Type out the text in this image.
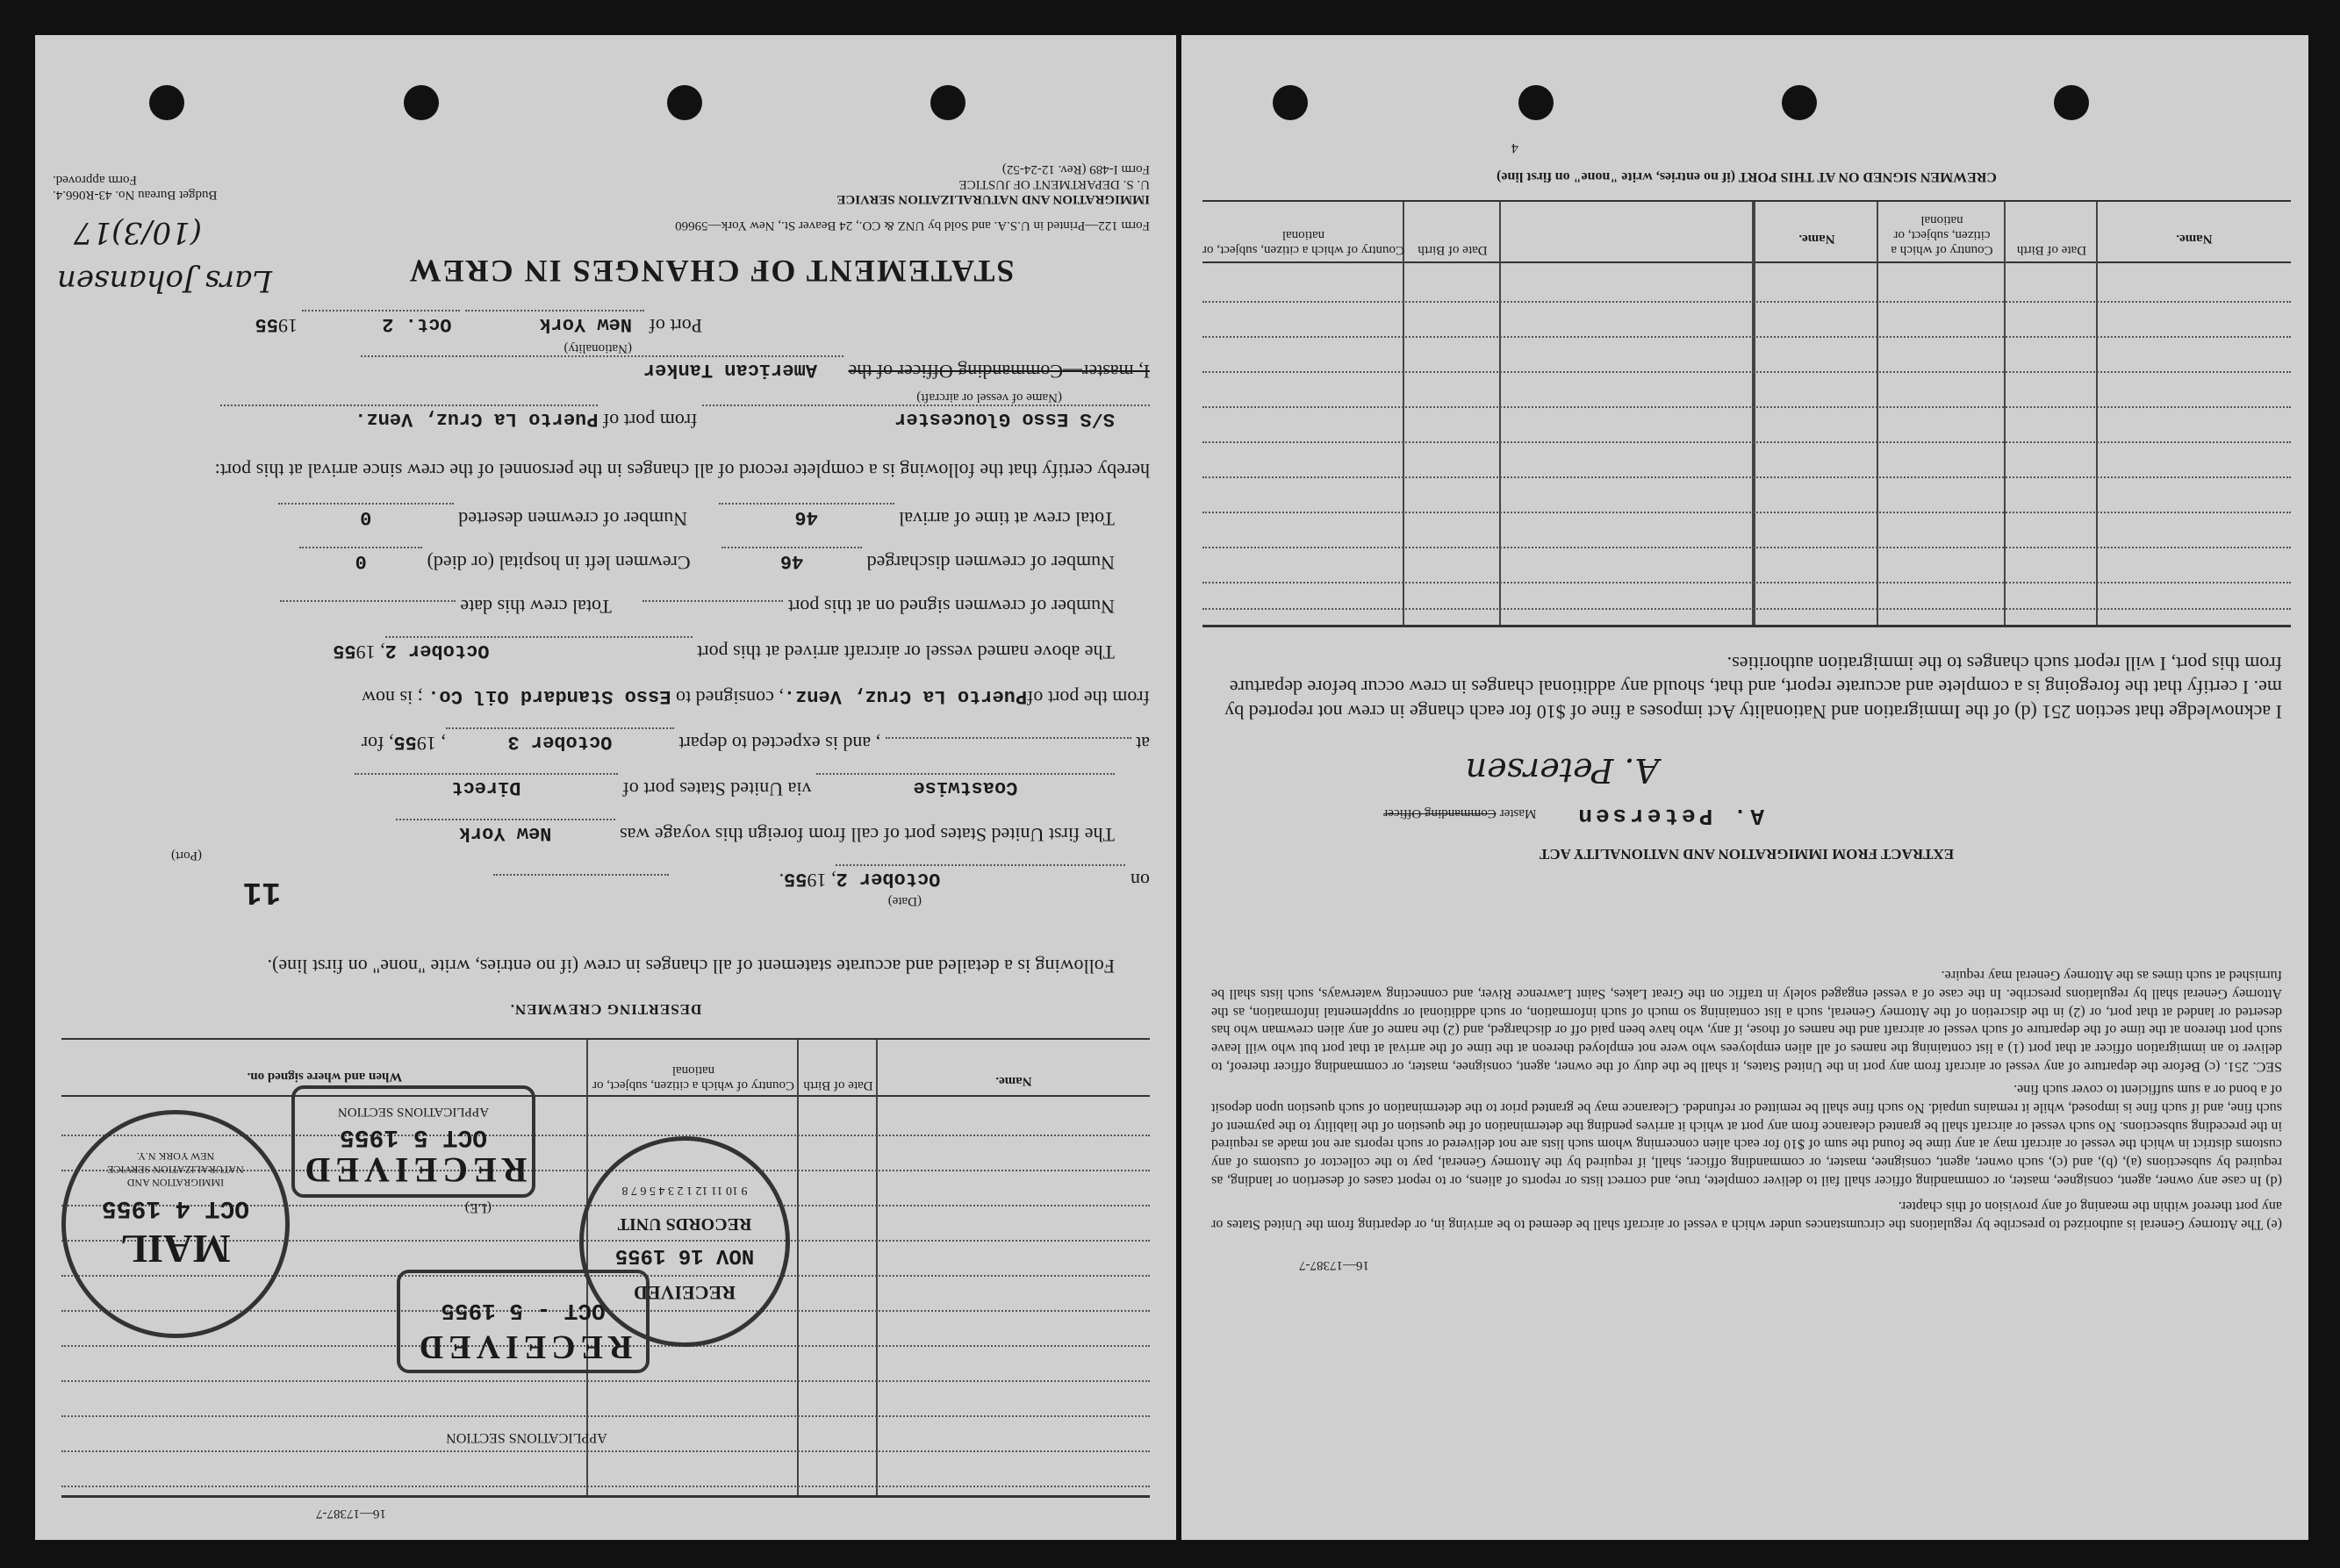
IMMIGRATION AND NATURALIZATION SERVICE
U. S. DEPARTMENT OF JUSTICE
Form I-489 (Rev. 12-24-52)
Form 122—Printed in U.S.A. and Sold by UNZ & CO., 24 Beaver St., New York—59660
Budget Bureau No. 43-R066.4.
Form approved.
Lars Johansen
(10/3)17
STATEMENT OF CHANGES IN CREW
Port of New York Oct. 2 1955
I, master—Commanding Officer of the American Tanker
(Nationality)
S/S Esso Gloucester from port of Puerto La Cruz, Venz.
(Name of vessel or aircraft)
hereby certify that the following is a complete record of all changes in the personnel of the crew since arrival at this port:
Total crew at time of arrival 46 Number of crewmen deserted 0
Number of crewmen discharged 46 Crewmen left in hospital (or died) 0
Number of crewmen signed on at this port  Total crew this date
The above named vessel or aircraft arrived at this port October 2, 1955
from the port ofPuerto La Cruz, Venz., consigned to Esso Standard Oil Co. ; is now
at  , and is expected to depart October 3, 1955, for
Coastwise via United States port of Direct
The first United States port of call from foreign this voyage was New York
(Port)
on October 2, 1955.
(Date)
11
Following is a detailed and accurate statement of all changes in crew (if no entries, write "none" on first line).
DESERTING CREWMEN.
Name.
Date of Birth
Country of which a citizen, subject, or national
When and where signed on.
16—17387-7
MAIL
OCT 4 1955
IMMIGRATION AND NATURALIZATION SERVICE NEW YORK N.Y.	RECEIVED
OCT 5 1955
APPLICATIONS SECTION
(LE)
RECEIVED
OCT - 5 1955
APPLICATIONS SECTION
RECEIVED
NOV 16 1955
RECORDS UNIT
9 10 11 12 1 2 3 4 5 6 7 8
4
CREWMEN SIGNED ON AT THIS PORT (if no entries, write "none" on first line)
Name.
Date of Birth
Country of which a citizen, subject, or national
Name.
Date of Birth
Country of which a citizen, subject, or national
I acknowledge that section 251 (d) of the Immigration and Nationality Act imposes a fine of $10 for each change in crew not reported by me. I certify that the foregoing is a complete and accurate report, and that, should any additional changes in crew occur before departure from this port, I will report such changes to the immigration authorities.
A. Petersen
A. Petersen Master Commanding Officer
EXTRACT FROM IMMIGRATION AND NATIONALITY ACT
SEC. 251. (c) Before the departure of any vessel or aircraft from any port in the United States, it shall be the duty of the owner, agent, consignee, master, or commanding officer thereof, to deliver to an immigration officer at that port (1) a list containing the names of all alien employees who were not employed thereon at the time of the arrival at that port but who will leave such port thereon at the time of the departure of such vessel or aircraft and the names of those, if any, who have been paid off or discharged, and (2) the name of any alien crewman who has deserted or landed at that port, or (2) in the discretion of the Attorney General, such a list containing so much of such information, or such additional or supplemental information, as the Attorney General shall by regulations prescribe. In the case of a vessel engaged solely in traffic on the Great Lakes, Saint Lawrence River, and connecting waterways, such lists shall be furnished at such times as the Attorney General may require.
(d) In case any owner, agent, consignee, master, or commanding officer shall fail to deliver complete, true, and correct lists or reports of aliens, or to report cases of desertion or landing, as required by subsections (a), (b), and (c), such owner, agent, consignee, master, or commanding officer, shall, if required by the Attorney General, pay to the collector of customs of any customs district in which the vessel or aircraft may at any time be found the sum of $10 for each alien concerning whom such lists are not delivered or such reports are not made as required in the preceding subsections. No such vessel or aircraft shall be granted clearance from any port at which it arrives pending the determination of the question of the liability to the payment of such fine, and if such fine is imposed, while it remains unpaid. No such fine shall be remitted or refunded. Clearance may be granted prior to the determination of such question upon deposit of a bond or a sum sufficient to cover such fine.
(e) The Attorney General is authorized to prescribe by regulations the circumstances under which a vessel or aircraft shall be deemed to be arriving in, or departing from the United States or any port thereof within the meaning of any provision of this chapter.
16—17387-7
